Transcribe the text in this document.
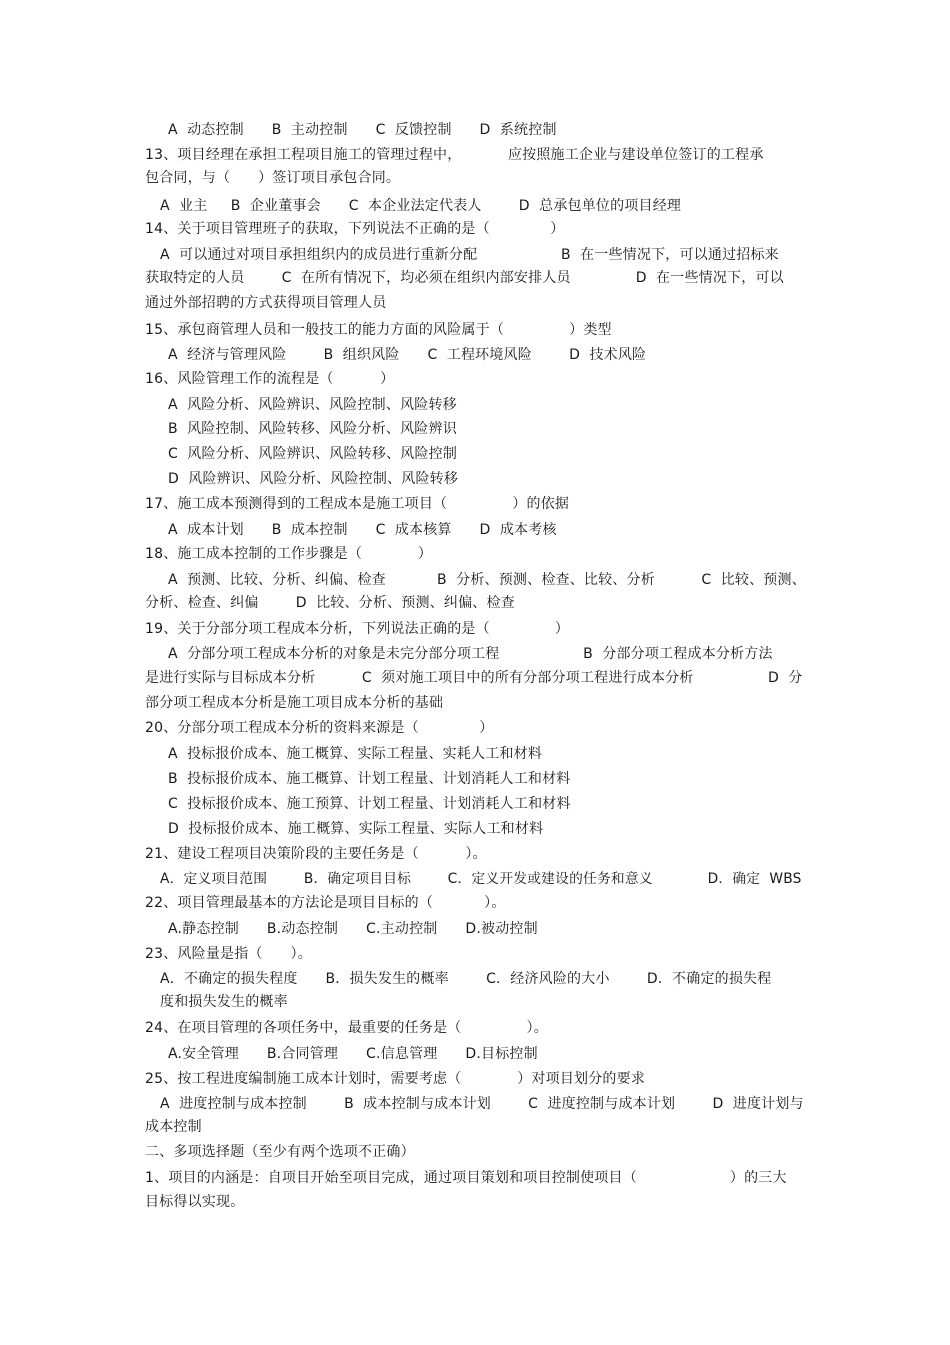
A  动态控制      B  主动控制      C  反馈控制      D  系统控制
13、项目经理在承担工程项目施工的管理过程中，          应按照施工企业与建设单位签订的工程承
包合同，与（      ）签订项目承包合同。
A  业主     B  企业董事会      C  本企业法定代表人        D  总承包单位的项目经理
14、关于项目管理班子的获取，下列说法不正确的是（             ）
A  可以通过对项目承担组织内的成员进行重新分配                  B  在一些情况下，可以通过招标来
获取特定的人员        C  在所有情况下，均必须在组织内部安排人员              D  在一些情况下，可以
通过外部招聘的方式获得项目管理人员
15、承包商管理人员和一般技工的能力方面的风险属于（              ）类型
A  经济与管理风险        B  组织风险      C  工程环境风险        D  技术风险
16、风险管理工作的流程是（          ）
A  风险分析、风险辨识、风险控制、风险转移
B  风险控制、风险转移、风险分析、风险辨识
C  风险分析、风险辨识、风险转移、风险控制
D  风险辨识、风险分析、风险控制、风险转移
17、施工成本预测得到的工程成本是施工项目（              ）的依据
A  成本计划      B  成本控制      C  成本核算      D  成本考核
18、施工成本控制的工作步骤是（            ）
A  预测、比较、分析、纠偏、检查           B  分析、预测、检查、比较、分析          C  比较、预测、
分析、检查、纠偏        D  比较、分析、预测、纠偏、检查
19、关于分部分项工程成本分析，下列说法正确的是（              ）
A  分部分项工程成本分析的对象是未完分部分项工程                  B  分部分项工程成本分析方法
是进行实际与目标成本分析          C  须对施工项目中的所有分部分项工程进行成本分析                D  分
部分项工程成本分析是施工项目成本分析的基础
20、分部分项工程成本分析的资料来源是（             ）
A  投标报价成本、施工概算、实际工程量、实耗人工和材料
B  投标报价成本、施工概算、计划工程量、计划消耗人工和材料
C  投标报价成本、施工预算、计划工程量、计划消耗人工和材料
D  投标报价成本、施工概算、实际工程量、实际人工和材料
21、建设工程项目决策阶段的主要任务是（          ）。
A．定义项目范围        B．确定项目目标        C．定义开发或建设的任务和意义            D．确定  WBS
22、项目管理最基本的方法论是项目目标的（           ）。
A.静态控制      B.动态控制      C.主动控制      D.被动控制
23、风险量是指（      ）。
A．不确定的损失程度      B．损失发生的概率        C．经济风险的大小        D．不确定的损失程
度和损失发生的概率
24、在项目管理的各项任务中，最重要的任务是（              ）。
A.安全管理      B.合同管理      C.信息管理      D.目标控制
25、按工程进度编制施工成本计划时，需要考虑（            ）对项目划分的要求
A  进度控制与成本控制        B  成本控制与成本计划        C  进度控制与成本计划        D  进度计划与
成本控制
二、多项选择题（至少有两个选项不正确）
1、项目的内涵是：自项目开始至项目完成，通过项目策划和项目控制使项目（                    ）的三大
目标得以实现。
